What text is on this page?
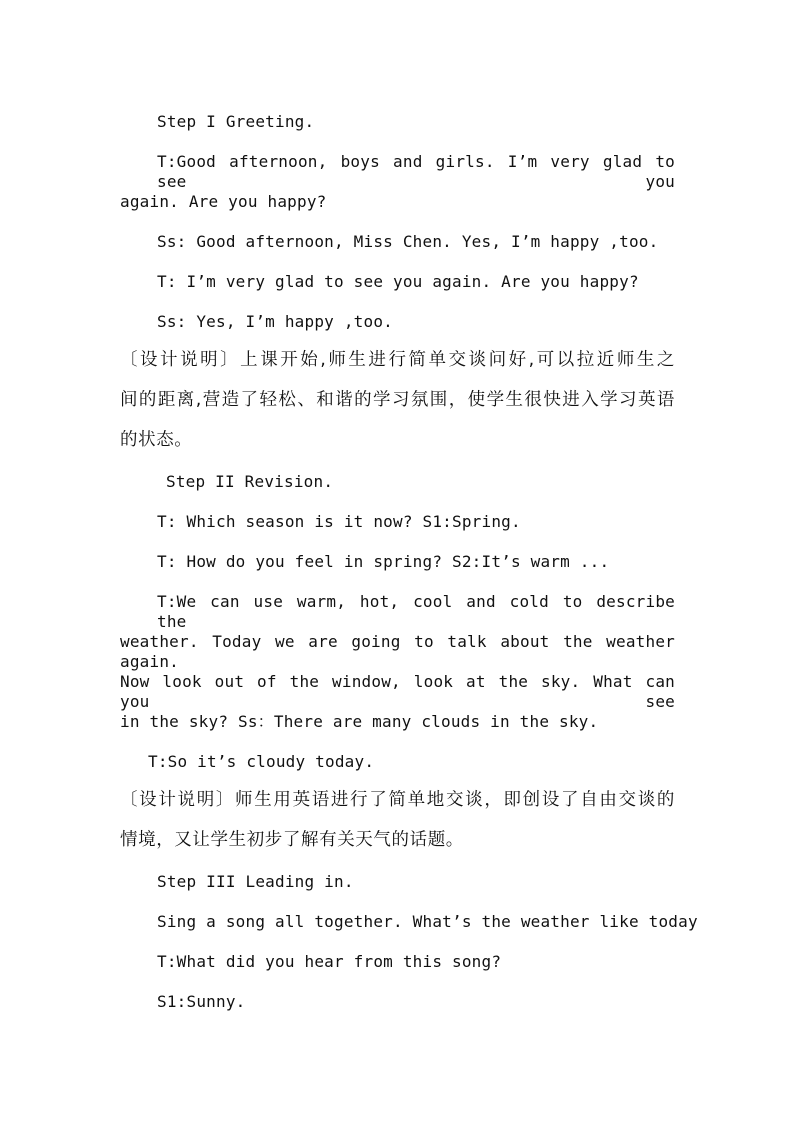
Step I Greeting.
T:Good afternoon, boys and girls. I’m very glad to see you
again. Are you happy?
Ss: Good afternoon, Miss Chen. Yes, I’m happy ,too.
T: I’m very glad to see you again. Are you happy?
Ss: Yes, I’m happy ,too.
〔设计说明〕上课开始,师生进行简单交谈问好,可以拉近师生之
间的距离,营造了轻松、和谐的学习氛围，使学生很快进入学习英语
的状态。
Step II Revision.
T: Which season is it now? S1:Spring.
T: How do you feel in spring? S2:It’s warm ...
T:We can use warm, hot, cool and cold to describe the
weather. Today we are going to talk about the weather again.
Now look out of the window, look at the sky. What can you see
in the sky? Ss：There are many clouds in the sky.
T:So it’s cloudy today.
〔设计说明〕师生用英语进行了简单地交谈，即创设了自由交谈的
情境，又让学生初步了解有关天气的话题。
Step III Leading in.
Sing a song all together. What’s the weather like today
T:What did you hear from this song?
S1:Sunny.
